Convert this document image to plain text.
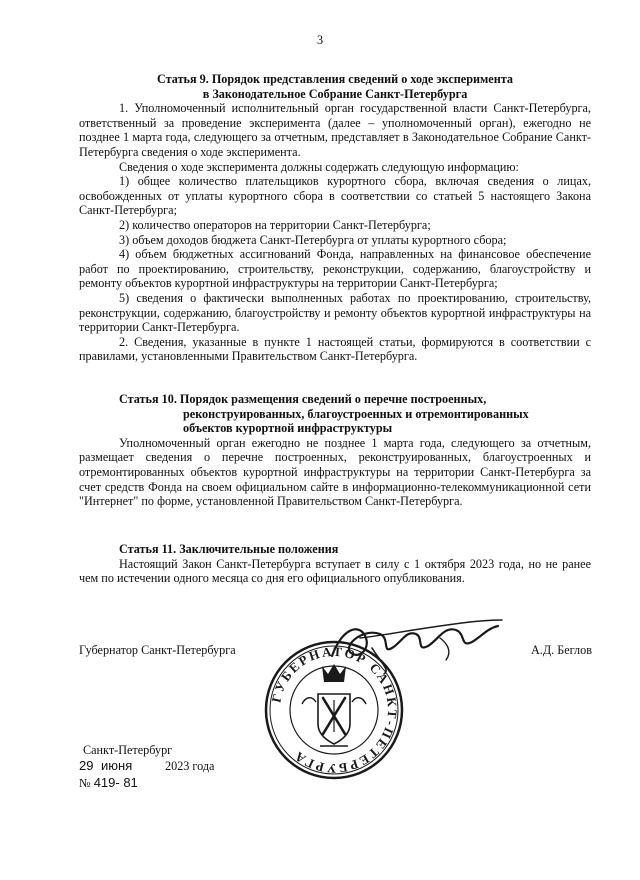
3
Статья 9. Порядок представления сведений о ходе эксперимента
в Законодательное Собрание Санкт-Петербурга

1. Уполномоченный исполнительный орган государственной власти Санкт-Петербурга, ответственный за проведение эксперимента (далее – уполномоченный орган), ежегодно не позднее 1 марта года, следующего за отчетным, представляет в Законодательное Собрание Санкт-Петербурга сведения о ходе эксперимента.

Сведения о ходе эксперимента должны содержать следующую информацию:

1) общее количество плательщиков курортного сбора, включая сведения о лицах, освобожденных от уплаты курортного сбора в соответствии со статьей 5 настоящего Закона Санкт-Петербурга;

2) количество операторов на территории Санкт-Петербурга;

3) объем доходов бюджета Санкт-Петербурга от уплаты курортного сбора;

4) объем бюджетных ассигнований Фонда, направленных на финансовое обеспечение работ по проектированию, строительству, реконструкции, содержанию, благоустройству и ремонту объектов курортной инфраструктуры на территории Санкт-Петербурга;

5) сведения о фактически выполненных работах по проектированию, строительству, реконструкции, содержанию, благоустройству и ремонту объектов курортной инфраструктуры на территории Санкт-Петербурга.

2. Сведения, указанные в пункте 1 настоящей статьи, формируются в соответствии с правилами, установленными Правительством Санкт-Петербурга.

Статья 10. Порядок размещения сведений о перечне построенных,
реконструированных, благоустроенных и отремонтированных
объектов курортной инфраструктуры

Уполномоченный орган ежегодно не позднее 1 марта года, следующего за отчетным, размещает сведения о перечне построенных, реконструированных, благоустроенных и отремонтированных объектов курортной инфраструктуры на территории Санкт-Петербурга за счет средств Фонда на своем официальном сайте в информационно-телекоммуникационной сети "Интернет" по форме, установленной Правительством Санкт-Петербурга.

Статья 11. Заключительные положения

Настоящий Закон Санкт-Петербурга вступает в силу с 1 октября 2023 года, но не ранее чем по истечении одного месяца со дня его официального опубликования.

Губернатор Санкт-Петербурга	А.Д. Беглов
ГУБЕРНАТОР САНКТ-ПЕТЕРБУРГА
Санкт-Петербург
29 июня	2023 года
№ 419- 81
